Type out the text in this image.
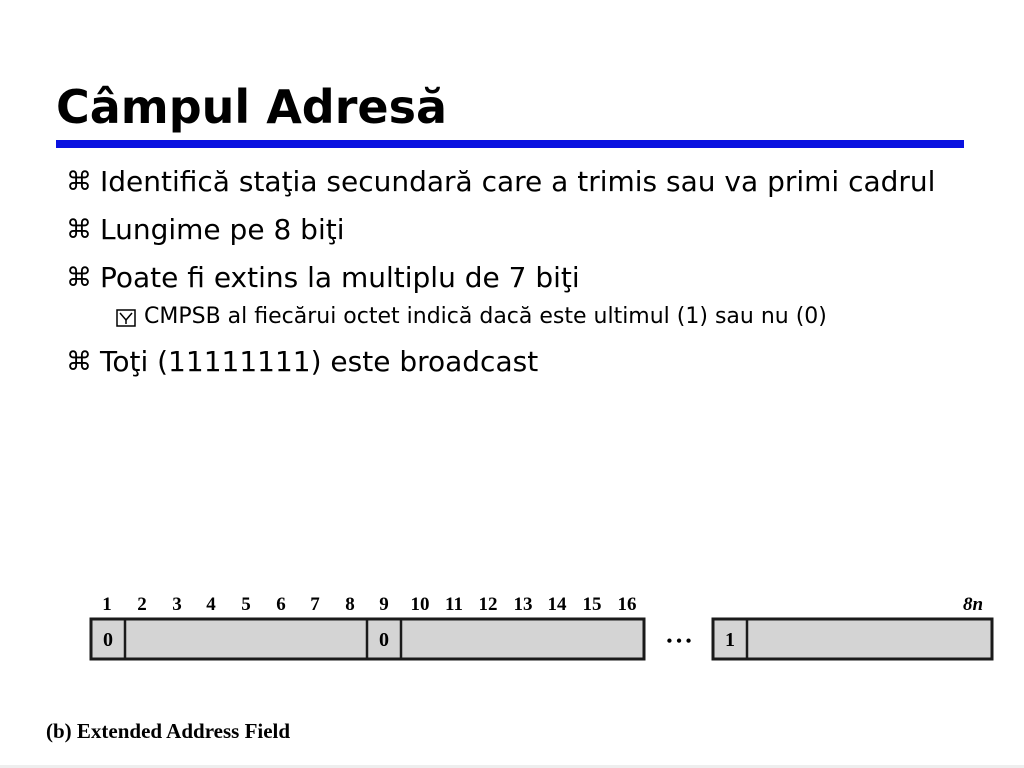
Câmpul Adresă
⌘ Identifică staţia secundară care a trimis sau va primi cadrul
⌘ Lungime pe 8 biţi
⌘ Poate fi extins la multiplu de 7 biţi
CMPSB al fiecărui octet indică dacă este ultimul (1) sau nu (0)
⌘ Toţi (11111111) este broadcast
1 2 3 4 5 6 7 8 9 10 11 12 13 14 15 16	8n
0	0	1
• • •
(b) Extended Address Field
